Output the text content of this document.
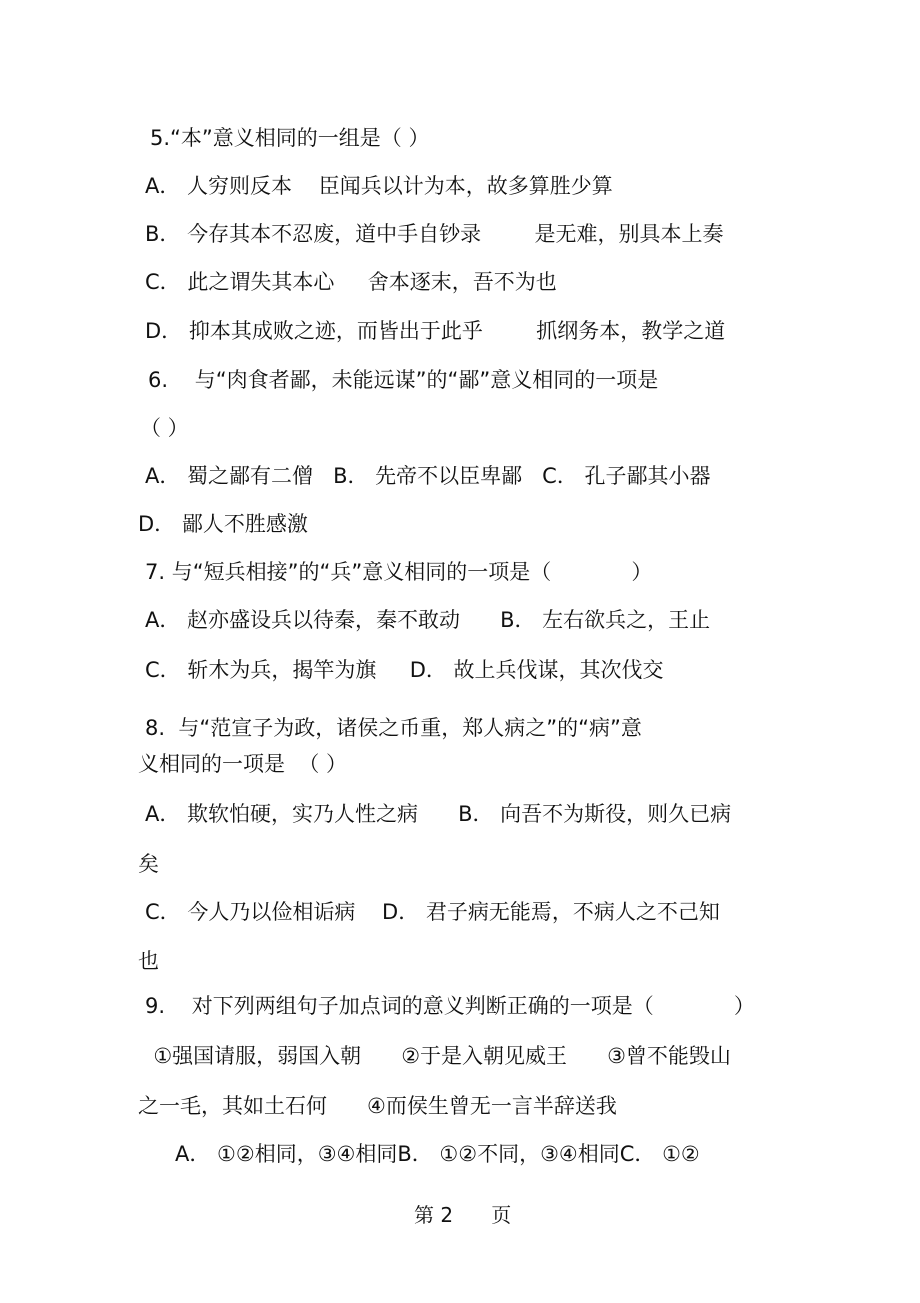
5.“本”意义相同的一组是（ ）
A． 人穷则反本    臣闻兵以计为本，故多算胜少算
B． 今存其本不忍废，道中手自钞录        是无难，别具本上奏
C． 此之谓失其本心     舍本逐末，吾不为也
D． 抑本其成败之迹，而皆出于此乎        抓纲务本，教学之道
6.    与“肉食者鄙，未能远谋”的“鄙”意义相同的一项是
（ ）
A． 蜀之鄙有二僧   B． 先帝不以臣卑鄙   C． 孔子鄙其小器
D． 鄙人不胜感激
7. 与“短兵相接”的“兵”意义相同的一项是（            ）
A． 赵亦盛设兵以待秦，秦不敢动      B． 左右欲兵之，王止
C． 斩木为兵，揭竿为旗     D． 故上兵伐谋，其次伐交
8.  与“范宣子为政，诸侯之币重，郑人病之”的“病”意
义相同的一项是  （ ）
A． 欺软怕硬，实乃人性之病      B． 向吾不为斯役，则久已病
矣
C． 今人乃以俭相诟病    D． 君子病无能焉，不病人之不己知
也
9.    对下列两组句子加点词的意义判断正确的一项是（            ）
①强国请服，弱国入朝      ②于是入朝见威王      ③曾不能毁山
之一毛，其如土石何      ④而侯生曾无一言半辞送我
A． ①②相同，③④相同B． ①②不同，③④相同C． ①②
第 2      页
